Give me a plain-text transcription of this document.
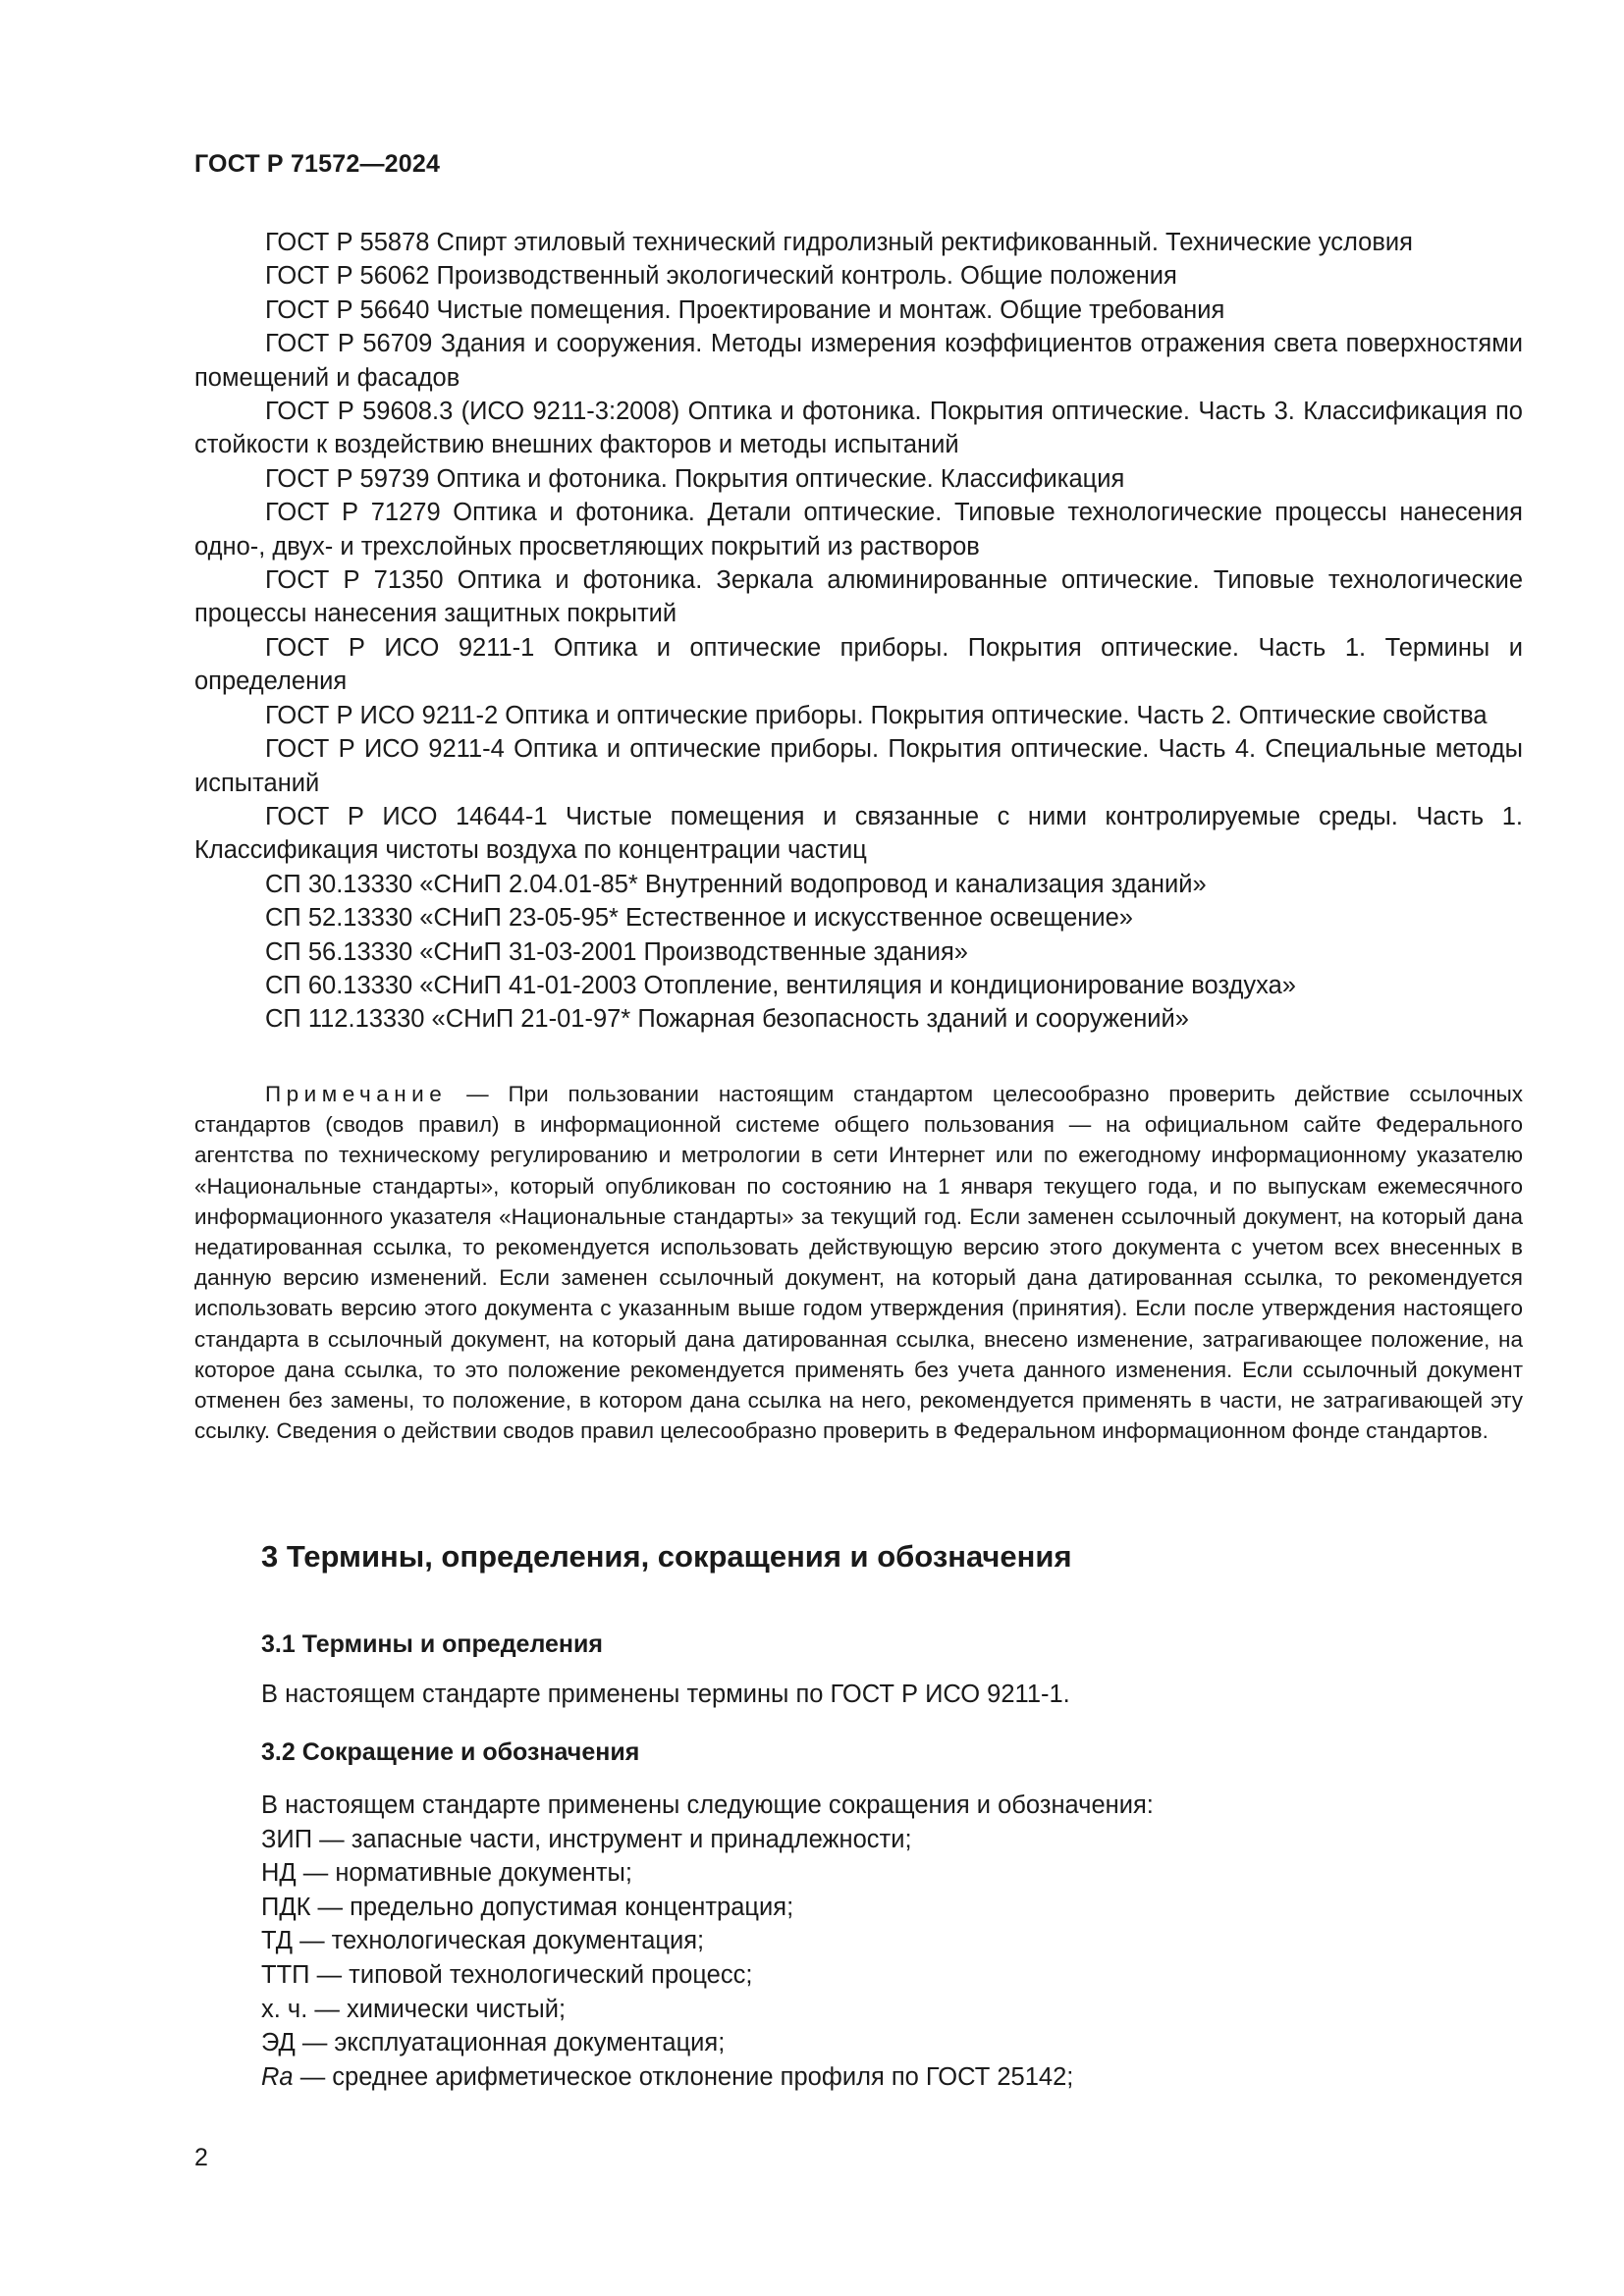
ГОСТ Р 71572—2024

ГОСТ Р 55878 Спирт этиловый технический гидролизный ректификованный. Технические условия

ГОСТ Р 56062 Производственный экологический контроль. Общие положения

ГОСТ Р 56640 Чистые помещения. Проектирование и монтаж. Общие требования

ГОСТ Р 56709 Здания и сооружения. Методы измерения коэффициентов отражения света поверхностями помещений и фасадов

ГОСТ Р 59608.3 (ИСО 9211-3:2008) Оптика и фотоника. Покрытия оптические. Часть 3. Классификация по стойкости к воздействию внешних факторов и методы испытаний

ГОСТ Р 59739 Оптика и фотоника. Покрытия оптические. Классификация

ГОСТ Р 71279 Оптика и фотоника. Детали оптические. Типовые технологические процессы нанесения одно-, двух- и трехслойных просветляющих покрытий из растворов

ГОСТ Р 71350 Оптика и фотоника. Зеркала алюминированные оптические. Типовые технологические процессы нанесения защитных покрытий

ГОСТ Р ИСО 9211-1 Оптика и оптические приборы. Покрытия оптические. Часть 1. Термины и определения

ГОСТ Р ИСО 9211-2 Оптика и оптические приборы. Покрытия оптические. Часть 2. Оптические свойства

ГОСТ Р ИСО 9211-4 Оптика и оптические приборы. Покрытия оптические. Часть 4. Специальные методы испытаний

ГОСТ Р ИСО 14644-1 Чистые помещения и связанные с ними контролируемые среды. Часть 1. Классификация чистоты воздуха по концентрации частиц

СП 30.13330 «СНиП 2.04.01-85* Внутренний водопровод и канализация зданий»

СП 52.13330 «СНиП 23-05-95* Естественное и искусственное освещение»

СП 56.13330 «СНиП 31-03-2001 Производственные здания»

СП 60.13330 «СНиП 41-01-2003 Отопление, вентиляция и кондиционирование воздуха»

СП 112.13330 «СНиП 21-01-97* Пожарная безопасность зданий и сооружений»

Примечание — При пользовании настоящим стандартом целесообразно проверить действие ссылочных стандартов (сводов правил) в информационной системе общего пользования — на официальном сайте Федерального агентства по техническому регулированию и метрологии в сети Интернет или по ежегодному информационному указателю «Национальные стандарты», который опубликован по состоянию на 1 января текущего года, и по выпускам ежемесячного информационного указателя «Национальные стандарты» за текущий год. Если заменен ссылочный документ, на который дана недатированная ссылка, то рекомендуется использовать действующую версию этого документа с учетом всех внесенных в данную версию изменений. Если заменен ссылочный документ, на который дана датированная ссылка, то рекомендуется использовать версию этого документа с указанным выше годом утверждения (принятия). Если после утверждения настоящего стандарта в ссылочный документ, на который дана датированная ссылка, внесено изменение, затрагивающее положение, на которое дана ссылка, то это положение рекомендуется применять без учета данного изменения. Если ссылочный документ отменен без замены, то положение, в котором дана ссылка на него, рекомендуется применять в части, не затрагивающей эту ссылку. Сведения о действии сводов правил целесообразно проверить в Федеральном информационном фонде стандартов.

3 Термины, определения, сокращения и обозначения
3.1 Термины и определения

В настоящем стандарте применены термины по ГОСТ Р ИСО 9211-1.

3.2 Сокращение и обозначения

В настоящем стандарте применены следующие сокращения и обозначения:

ЗИП — запасные части, инструмент и принадлежности;

НД — нормативные документы;

ПДК — предельно допустимая концентрация;

ТД — технологическая документация;

ТТП — типовой технологический процесс;

х. ч. — химически чистый;

ЭД — эксплуатационная документация;

Ra — среднее арифметическое отклонение профиля по ГОСТ 25142;

2
